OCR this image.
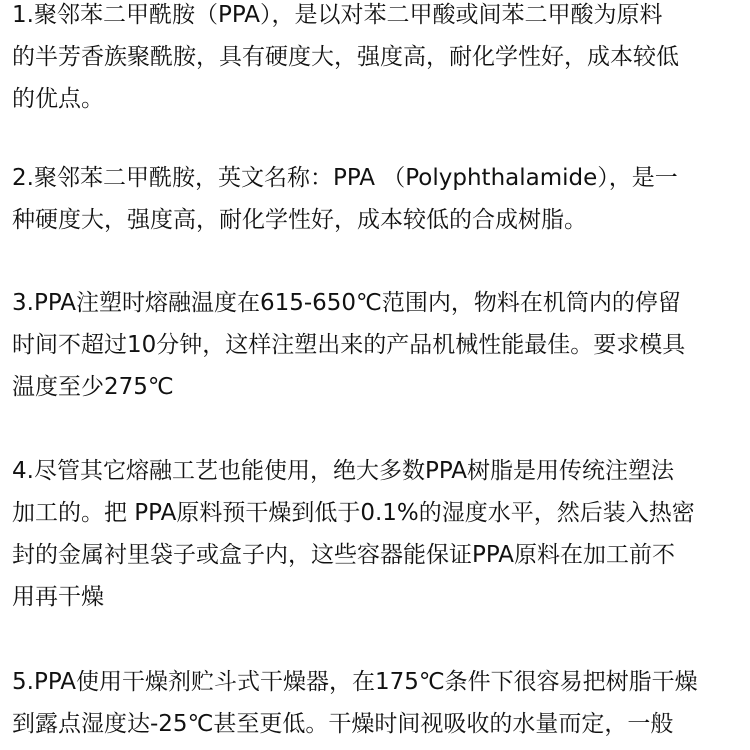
1.聚邻苯二甲酰胺（PPA），是以对苯二甲酸或间苯二甲酸为原料
的半芳香族聚酰胺，具有硬度大，强度高，耐化学性好，成本较低
的优点。
2.聚邻苯二甲酰胺，英文名称：PPA （Polyphthalamide），是一
种硬度大，强度高，耐化学性好，成本较低的合成树脂。
3.PPA注塑时熔融温度在615-650℃范围内，物料在机筒内的停留
时间不超过10分钟，这样注塑出来的产品机械性能最佳。要求模具
温度至少275℃
4.尽管其它熔融工艺也能使用，绝大多数PPA树脂是用传统注塑法
加工的。把 PPA原料预干燥到低于0.1%的湿度水平，然后装入热密
封的金属衬里袋子或盒子内，这些容器能保证PPA原料在加工前不
用再干燥
5.PPA使用干燥剂贮斗式干燥器，在175℃条件下很容易把树脂干燥
到露点湿度达-25℃甚至更低。干燥时间视吸收的水量而定，一般
